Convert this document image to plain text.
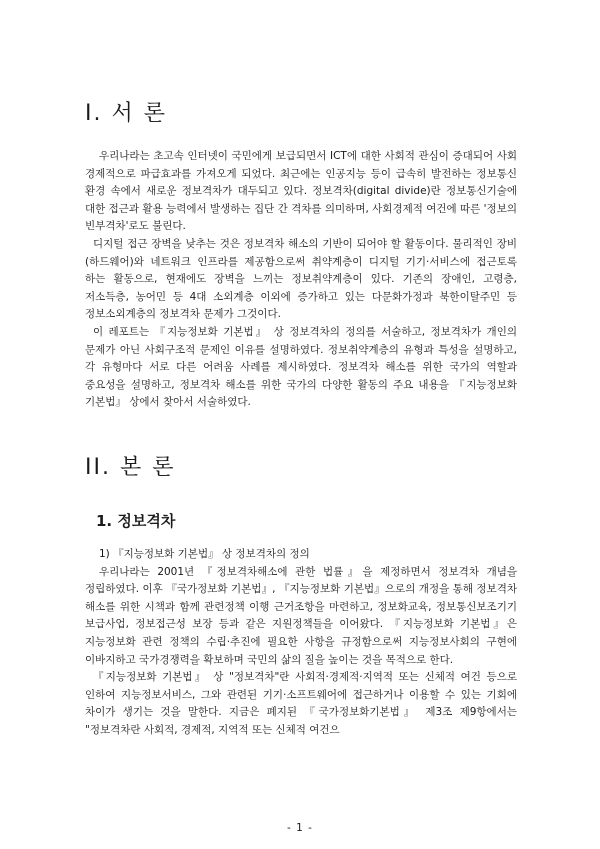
I. 서 론

우리나라는 초고속 인터넷이 국민에게 보급되면서 ICT에 대한 사회적 관심이 증대되어 사회 경제적으로 파급효과를 가져오게 되었다. 최근에는 인공지능 등이 급속히 발전하는 정보통신 환경 속에서 새로운 정보격차가 대두되고 있다. 정보격차(digital divide)란 정보통신기술에 대한 접근과 활용 능력에서 발생하는 집단 간 격차를 의미하며, 사회경제적 여건에 따른 '정보의 빈부격차'로도 불린다.

디지털 접근 장벽을 낮추는 것은 정보격차 해소의 기반이 되어야 할 활동이다. 물리적인 장비(하드웨어)와 네트워크 인프라를 제공함으로써 취약계층이 디지털 기기·서비스에 접근토록 하는 활동으로, 현재에도 장벽을 느끼는 정보취약계층이 있다. 기존의 장애인, 고령층, 저소득층, 농어민 등 4대 소외계층 이외에 증가하고 있는 다문화가정과 북한이탈주민 등 정보소외계층의 정보격차 문제가 그것이다.

이 레포트는 『지능정보화 기본법』 상 정보격차의 정의를 서술하고, 정보격차가 개인의 문제가 아닌 사회구조적 문제인 이유를 설명하였다. 정보취약계층의 유형과 특성을 설명하고, 각 유형마다 서로 다른 어려움 사례를 제시하였다. 정보격차 해소를 위한 국가의 역할과 중요성을 설명하고, 정보격차 해소를 위한 국가의 다양한 활동의 주요 내용을 『지능정보화 기본법』 상에서 찾아서 서술하였다.

II. 본 론
1. 정보격차

1) 『지능정보화 기본법』 상 정보격차의 정의

우리나라는 2001년 『정보격차해소에 관한 법률』을 제정하면서 정보격차 개념을 정립하였다. 이후 『국가정보화 기본법』, 『지능정보화 기본법』으로의 개정을 통해 정보격차 해소를 위한 시책과 함께 관련정책 이행 근거조항을 마련하고, 정보화교육, 정보통신보조기기 보급사업, 정보접근성 보장 등과 같은 지원정책들을 이어왔다. 『지능정보화 기본법』은 지능정보화 관련 정책의 수립·추진에 필요한 사항을 규정함으로써 지능정보사회의 구현에 이바지하고 국가경쟁력을 확보하며 국민의 삶의 질을 높이는 것을 목적으로 한다.

『지능정보화 기본법』 상 "정보격차"란 사회적·경제적·지역적 또는 신체적 여건 등으로 인하여 지능정보서비스, 그와 관련된 기기·소프트웨어에 접근하거나 이용할 수 있는 기회에 차이가 생기는 것을 말한다. 지금은 폐지된 『국가정보화기본법』 제3조 제9항에서는 "정보격차란 사회적, 경제적, 지역적 또는 신체적 여건으

- 1 -
